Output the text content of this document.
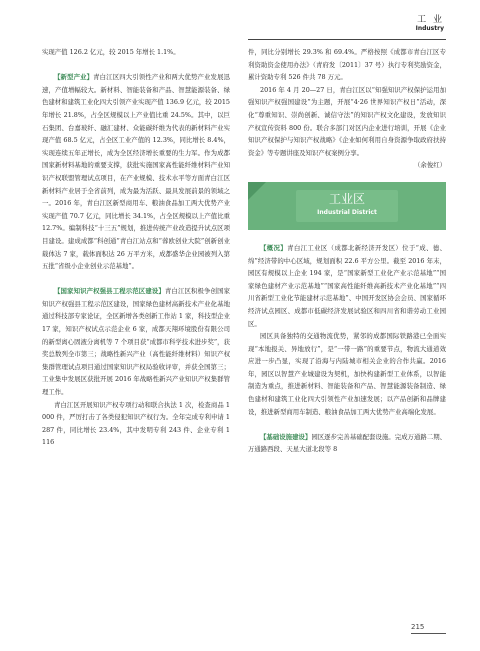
工 业
Industry

实现产值 126.2 亿元，较 2015 年增长 1.1%。

【新型产业】青白江区四大引领性产业和两大优势产业发展迅速，产值增幅较大。新材料、智能装备和产品、智慧能源装备、绿色建材和建筑工业化四大引领产业实现产值 136.9 亿元，较 2015 年增长 21.8%，占全区规模以上产业值比重 24.5%。其中，以巨石集团、台嘉玻纤、融汇建材、众能碳纤维为代表的新材料产业实现产值 68.5 亿元，占全区工业产值的 12.3%，同比增长 8.4%，实现连续五年正增长，成为全区经济增长重要的生力军。作为成都国家新材料基地的重要支撑，获批实施国家高性能纤维材料产业知识产权联盟管理试点项目，在产业规模、技术水平等方面青白江区新材料产业居于全省前列，成为最为活跃、最具发展前景的领域之一。2016 年，青白江区新型商用车、粮油食品加工两大优势产业实现产值 70.7 亿元，同比增长 34.1%，占全区规模以上产值比重 12.7%。编制科技“十三五”规划，推进传统产业改造提升试点区项目建设。建成成都“科创通”青白江站点和“蓉欧创业大院”创新创业载体达 7 家，载体面积达 26 万平方米，成都盛华企业园被列入第五批“省级小企业创业示范基地”。

【国家知识产权强县工程示范区建设】青白江区积极争创国家知识产权强县工程示范区建设，国家绿色建材高新技术产业化基地通过科技部专家论证，全区新增各类创新工作站 1 家，科技型企业 17 家，知识产权试点示范企业 6 家，成都天翔环境股份有限公司的新型离心固液分离机等 7 个项目获“成都市科学技术进步奖”，获奖总数列全市第三；战略性新兴产业（高性能纤维材料）知识产权集群管理试点项目通过国家知识产权局验收评审，并获全国第三；工业集中发展区获批开展 2016 年战略性新兴产业知识产权集群管理工作。

青白江区开展知识产权专项行动和联合执法 1 次，检查商品 1 000 件，严厉打击了各类侵犯知识产权行为。全年完成专利申请 1 287 件，同比增长 23.4%，其中发明专利 243 件、企业专利 1 116

件，同比分别增长 29.3% 和 69.4%。严格按照《成都市青白江区专利资助资金使用办法》（青府发〔2011〕37 号）执行专利奖励资金，累计资助专利 526 件共 78 万元。

2016 年 4 月 20—27 日，青白江区以“知强知识产权保护运用加强知识产权强国建设”为主题，开展“4·26 世界知识产权日”活动，深化“尊重知识、崇尚创新、诚信守法”的知识产权文化建设，发放知识产权宣传资料 800 份。联合多部门对区内企业进行培训，开展《企业知识产权保护与知识产权战略》《企业如何利用自身资源争取政府扶持资金》等专题讲座及知识产权案例分享。

（余俊红）

工业区
Industrial District

【概况】青白江工业区（成都北新经济开发区）位于“成、德、绵”经济带的中心区域，规划面积 22.6 平方公里。截至 2016 年末，园区有规模以上企业 194 家，是“国家新型工业化产业示范基地”“国家绿色建材产业示范基地”“国家高性能纤维高新技术产业化基地”“四川省新型工业化节能建材示范基地”、中国开发区协会会员、国家循环经济试点园区、成都市低碳经济发展试验区和四川省和谐劳动工业园区。

园区具备独特的交通物流优势，紧邻的成都国际铁路港已全面实现“本地报关、异地放行”，是“一带一路”的重要节点，物流大通道效应进一步凸显，实现了沿海与内陆城市相关企业的合作共赢。2016 年，园区以智慧产业城建设为契机，加快构建新型工业体系，以智能制造为重点，推进新材料、智能装备和产品、智慧能源装备制造、绿色建材和建筑工业化四大引领性产业加速发展；以产品创新和品牌建设，推进新型商用车制造、粮油食品加工两大优势产业高端化发展。

【基础设施建设】园区逐步完善基础配套设施。完成万通路二期、万通路西段、天星大道北段等 8

215
